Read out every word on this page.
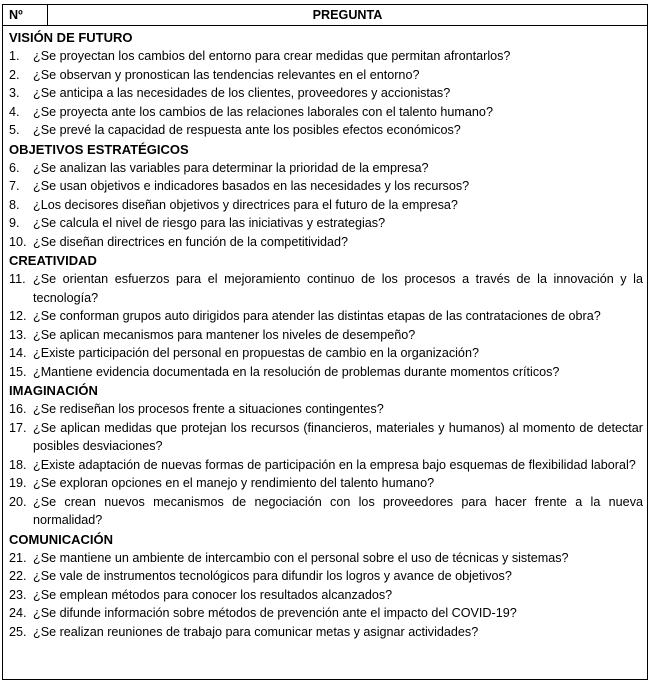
Nº	PREGUNTA
VISIÓN DE FUTURO
1.	¿Se proyectan los cambios del entorno para crear medidas que permitan afrontarlos?
2.	¿Se observan y pronostican las tendencias relevantes en el entorno?
3.	¿Se anticipa a las necesidades de los clientes, proveedores y accionistas?
4.	¿Se proyecta ante los cambios de las relaciones laborales con el talento humano?
5.	¿Se prevé la capacidad de respuesta ante los posibles efectos económicos?
OBJETIVOS ESTRATÉGICOS
6.	¿Se analizan las variables para determinar la prioridad de la empresa?
7.	¿Se usan objetivos e indicadores basados en las necesidades y los recursos?
8.	¿Los decisores diseñan objetivos y directrices para el futuro de la empresa?
9.	¿Se calcula el nivel de riesgo para las iniciativas y estrategias?
10. ¿Se diseñan directrices en función de la competitividad?
CREATIVIDAD
11. ¿Se orientan esfuerzos para el mejoramiento continuo de los procesos a través de la innovación y la tecnología?
12. ¿Se conforman grupos auto dirigidos para atender las distintas etapas de las contrataciones de obra?
13. ¿Se aplican mecanismos para mantener los niveles de desempeño?
14. ¿Existe participación del personal en propuestas de cambio en la organización?
15. ¿Mantiene evidencia documentada en la resolución de problemas durante momentos críticos?
IMAGINACIÓN
16. ¿Se rediseñan los procesos frente a situaciones contingentes?
17. ¿Se aplican medidas que protejan los recursos (financieros, materiales y humanos) al momento de detectar posibles desviaciones?
18. ¿Existe adaptación de nuevas formas de participación en la empresa bajo esquemas de flexibilidad laboral?
19. ¿Se exploran opciones en el manejo y rendimiento del talento humano?
20. ¿Se crean nuevos mecanismos de negociación con los proveedores para hacer frente a la nueva normalidad?
COMUNICACIÓN
21. ¿Se mantiene un ambiente de intercambio con el personal sobre el uso de técnicas y sistemas?
22. ¿Se vale de instrumentos tecnológicos para difundir los logros y avance de objetivos?
23. ¿Se emplean métodos para conocer los resultados alcanzados?
24. ¿Se difunde información sobre métodos de prevención ante el impacto del COVID-19?
25. ¿Se realizan reuniones de trabajo para comunicar metas y asignar actividades?
